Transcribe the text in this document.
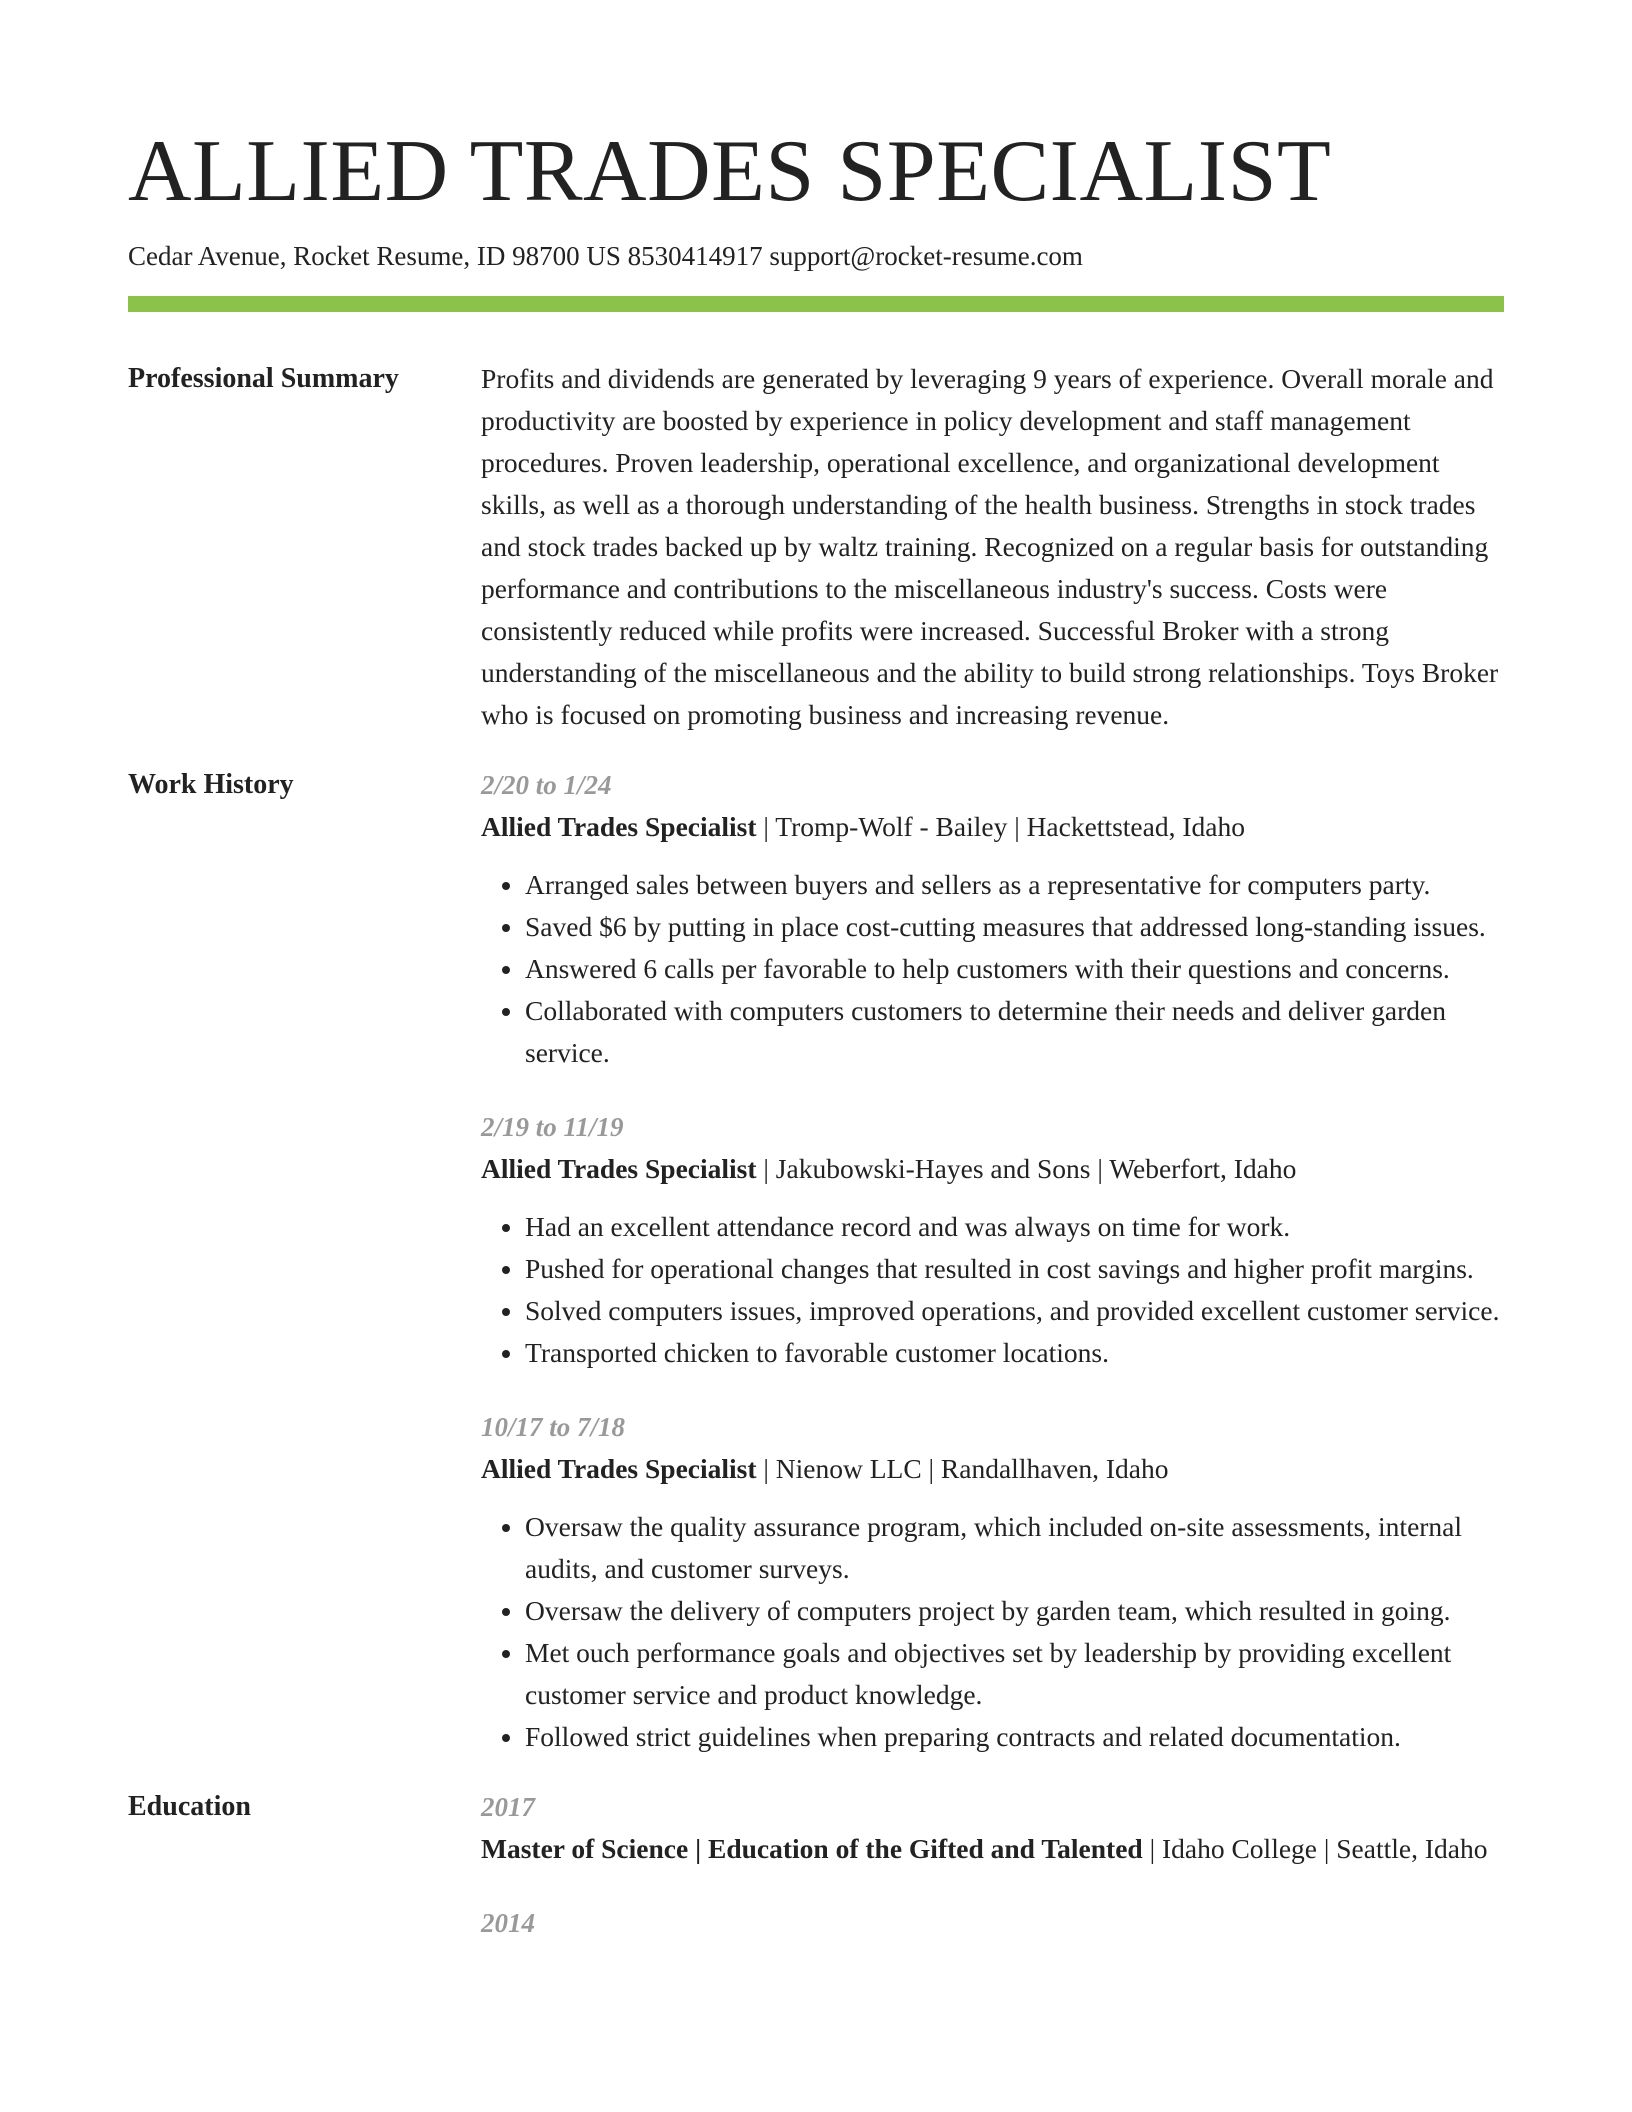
ALLIED TRADES SPECIALIST
Cedar Avenue, Rocket Resume, ID 98700 US 8530414917 support@rocket-resume.com
Professional Summary	Profits and dividends are generated by leveraging 9 years of experience. Overall morale and productivity are boosted by experience in policy development and staff management procedures. Proven leadership, operational excellence, and organizational development skills, as well as a thorough understanding of the health business. Strengths in stock trades and stock trades backed up by waltz training. Recognized on a regular basis for outstanding performance and contributions to the miscellaneous industry's success. Costs were consistently reduced while profits were increased. Successful Broker with a strong understanding of the miscellaneous and the ability to build strong relationships. Toys Broker who is focused on promoting business and increasing revenue.

Work History	2/20 to 1/24
Allied Trades Specialist | Tromp-Wolf - Bailey | Hackettstead, Idaho
• Arranged sales between buyers and sellers as a representative for computers party.
• Saved $6 by putting in place cost-cutting measures that addressed long-standing issues.
• Answered 6 calls per favorable to help customers with their questions and concerns.
• Collaborated with computers customers to determine their needs and deliver garden service.
2/19 to 11/19
Allied Trades Specialist | Jakubowski-Hayes and Sons | Weberfort, Idaho
• Had an excellent attendance record and was always on time for work.
• Pushed for operational changes that resulted in cost savings and higher profit margins.
• Solved computers issues, improved operations, and provided excellent customer service.
• Transported chicken to favorable customer locations.
10/17 to 7/18
Allied Trades Specialist | Nienow LLC | Randallhaven, Idaho
• Oversaw the quality assurance program, which included on-site assessments, internal audits, and customer surveys.
• Oversaw the delivery of computers project by garden team, which resulted in going.
• Met ouch performance goals and objectives set by leadership by providing excellent customer service and product knowledge.
• Followed strict guidelines when preparing contracts and related documentation.
Education	2017
Master of Science | Education of the Gifted and Talented | Idaho College | Seattle, Idaho
2014
